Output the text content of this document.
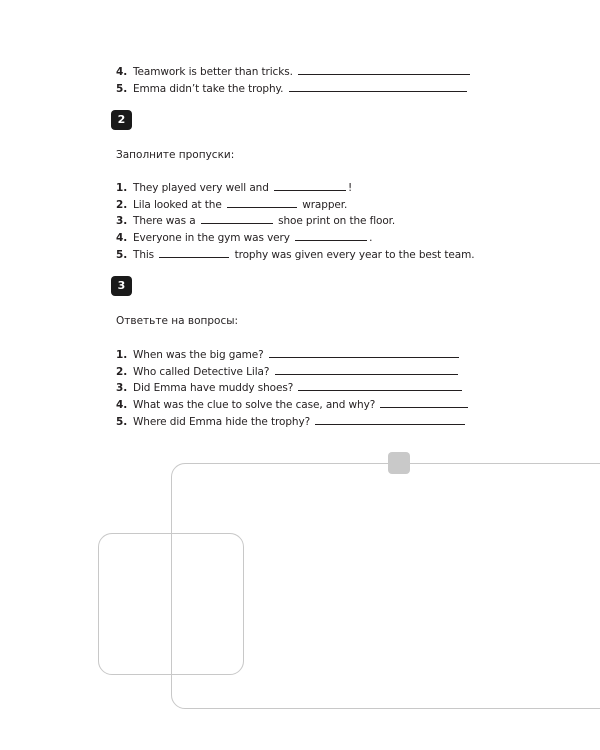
4. Teamwork is better than tricks.
5. Emma didn’t take the trophy.
2
Заполните пропуски:
1. They played very well and	!
2. Lila looked at the	wrapper.
3. There was a	shoe print on the floor.
4. Everyone in the gym was very	.
5. This	trophy was given every year to the best team.
3
Ответьте на вопросы:
1. When was the big game?
2. Who called Detective Lila?
3. Did Emma have muddy shoes?
4. What was the clue to solve the case, and why?
5. Where did Emma hide the trophy?
